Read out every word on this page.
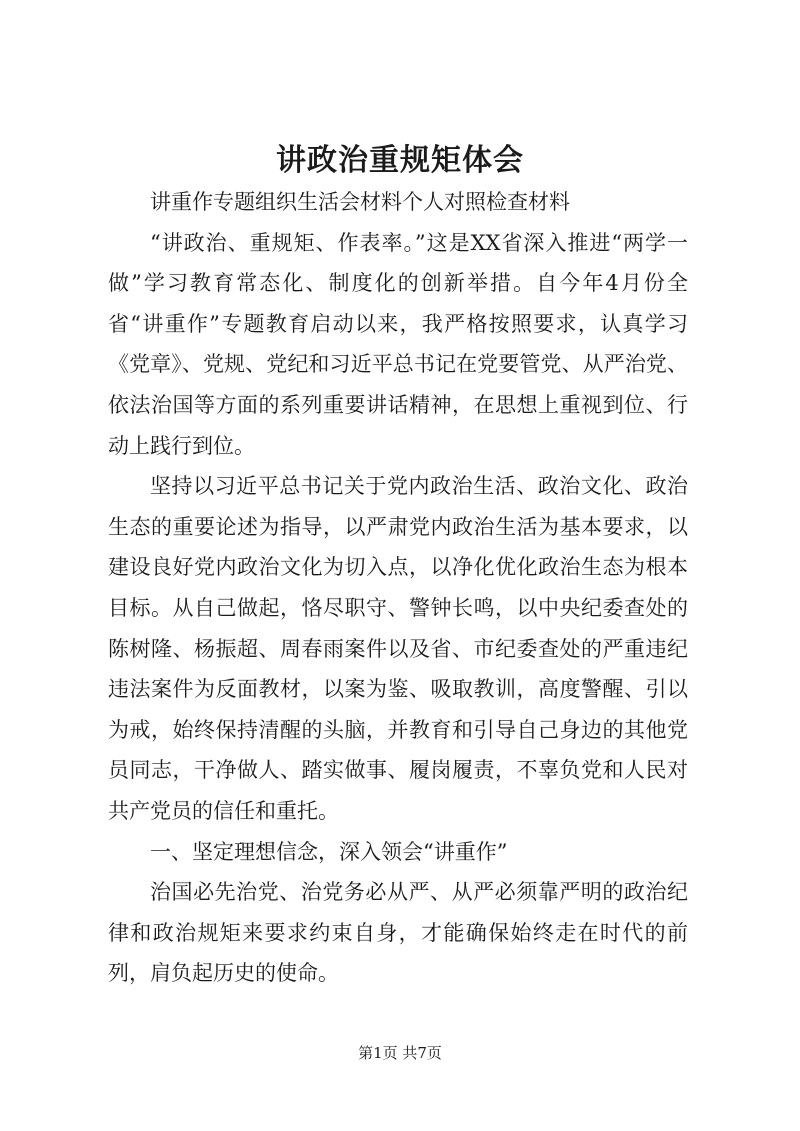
讲政治重规矩体会

讲重作专题组织生活会材料个人对照检查材料

“讲政治、重规矩、作表率。”这是XX省深入推进“两学一做”学习教育常态化、制度化的创新举措。自今年4月份全省“讲重作”专题教育启动以来，我严格按照要求，认真学习《党章》、党规、党纪和习近平总书记在党要管党、从严治党、依法治国等方面的系列重要讲话精神，在思想上重视到位、行动上践行到位。

坚持以习近平总书记关于党内政治生活、政治文化、政治生态的重要论述为指导，以严肃党内政治生活为基本要求，以建设良好党内政治文化为切入点，以净化优化政治生态为根本目标。从自己做起，恪尽职守、警钟长鸣，以中央纪委查处的陈树隆、杨振超、周春雨案件以及省、市纪委查处的严重违纪违法案件为反面教材，以案为鉴、吸取教训，高度警醒、引以为戒，始终保持清醒的头脑，并教育和引导自己身边的其他党员同志，干净做人、踏实做事、履岗履责，不辜负党和人民对共产党员的信任和重托。

一、坚定理想信念，深入领会“讲重作”

治国必先治党、治党务必从严、从严必须靠严明的政治纪律和政治规矩来要求约束自身，才能确保始终走在时代的前列，肩负起历史的使命。

第1页 共7页
